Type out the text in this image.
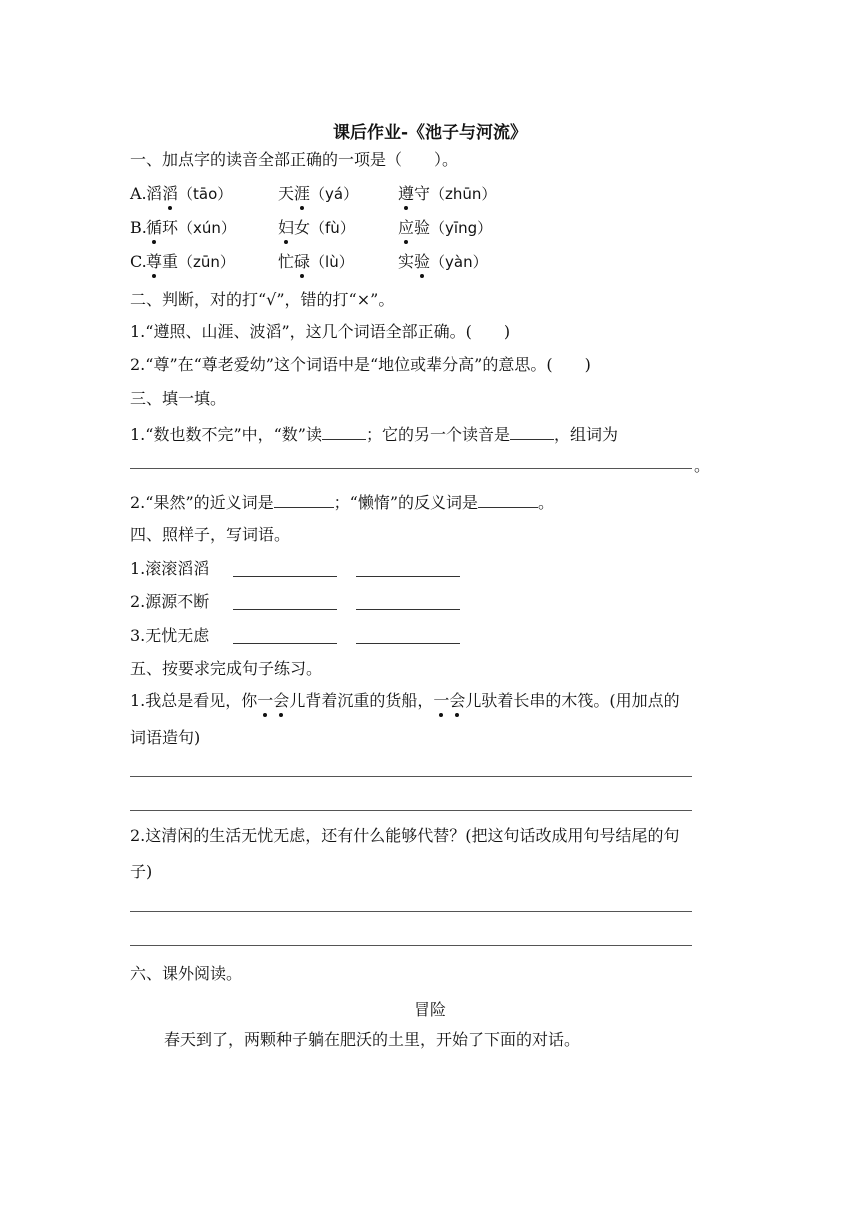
课后作业-《池子与河流》
一、加点字的读音全部正确的一项是（　　）。
A. 滔滔（tāo）	天涯（yá） 遵守（zhūn）
B. 循环（xún）	妇女（fù）	应验（yīng）
C. 尊重（zūn）	忙碌（lù）	实验（yàn）
二、判断，对的打“√”，错的打“×”。
1.“遵照、山涯、波滔”，这几个词语全部正确。(　　)
2.“尊”在“尊老爱幼”这个词语中是“地位或辈分高”的意思。(　　)
三、填一填。
1.“数也数不完”中，“数”读	；它的另一个读音是	，组词为
。
2.“果然”的近义词是	；“懒惰”的反义词是	。
四、照样子，写词语。
1.滚滚滔滔
2.源源不断
3.无忧无虑
五、按要求完成句子练习。
1.我总是看见，你一会儿背着沉重的货船，一会儿驮着长串的木筏。(用加点的
词语造句)
2.这清闲的生活无忧无虑，还有什么能够代替？(把这句话改成用句号结尾的句
子)
六、课外阅读。
冒险
春天到了，两颗种子躺在肥沃的土里，开始了下面的对话。
